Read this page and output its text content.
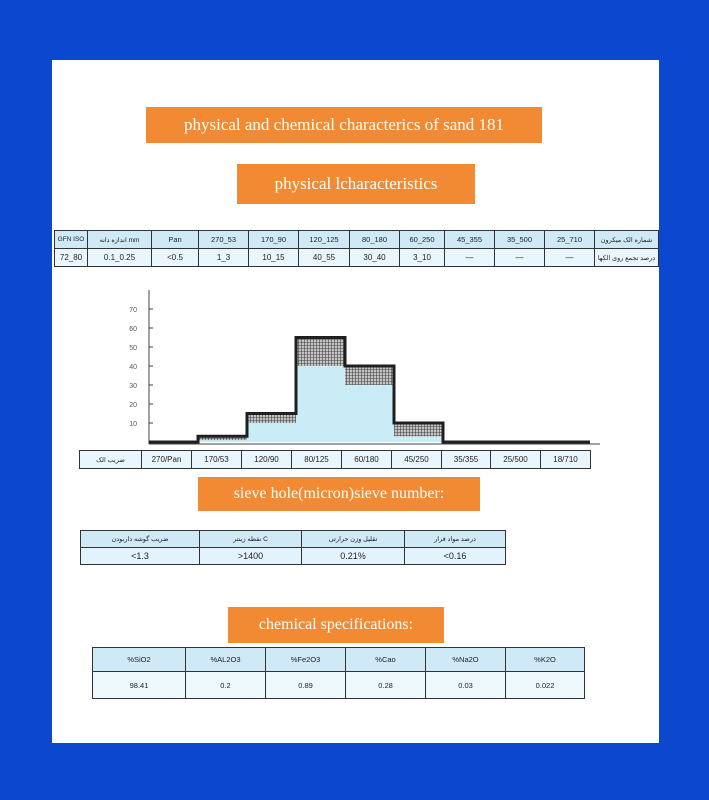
physical and chemical characterics of sand 181
physical lcharacteristics
GFN ISO	mm اندازه دانه	Pan	270_53	170_90	120_125	80_180	60_250	45_355	35_500	25_710	شماره الک میکرون
72_80	0.1_0.25	<0.5	1_3	10_15	40_55	30_40	3_10	—	—	—	درصد تجمع روی الکها
10
20
30
40
50
60
70
ضریب الک	270/Pan	170/53	120/90	80/125	60/180	45/250	35/355	25/500	18/710
sieve hole(micron)sieve number:
ضریب گوشه داربودن	C نقطه زینتر	تقلیل وزن حرارتی	درصد مواد فرار
<1.3	>1400	0.21%	<0.16
chemical specifications:
%SiO2	%AL2O3	%Fe2O3	%Cao	%Na2O	%K2O
98.41	0.2	0.89	0.28	0.03	0.022
